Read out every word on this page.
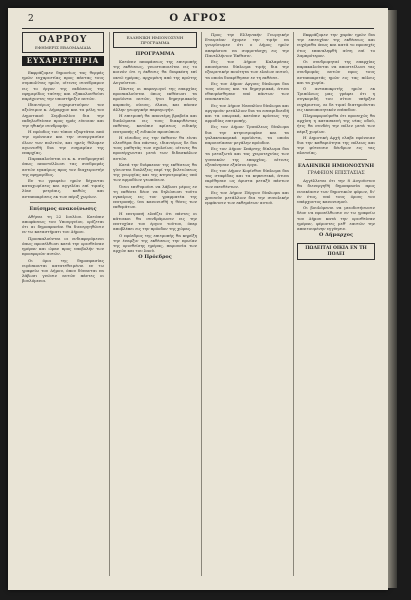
2	Ο ΑΓΡΟΣ
ΟΑΡΡΟΥ
ΕΦΗΜΕΡΙΣ ΕΒΔΟΜΑΔΙΑΙΑ
ΕΥΧΑΡΙΣΤΗΡΙΑ

Εκφράζομεν δημοσίως τας θερμάς ημών ευχαριστίας προς πάντας τους συμπολίτας ημών, οίτινες συνέδραμον εις το έργον της εκδόσεως της εφημερίδος ταύτης και εξακολουθούσι παρέχοντες την υποστήριξιν αυτών.

Ιδιαιτέρως ευχαριστούμεν τον αξιότιμον κ. Δήμαρχον και τα μέλη του Δημοτικού Συμβουλίου δια την εκδηλωθείσαν προς ημάς εύνοιαν και την ηθικήν συνδρομήν.

Η πρόοδος του τόπου εξαρτάται από την ομόνοιαν και την συνεργασίαν όλων των πολιτών, και ημείς θέλομεν αγωνισθή δια την ευημερίαν της επαρχίας.

Παρακαλούνται οι κ. κ. συνδρομηταί όπως αποστέλλωσι τας συνδρομάς αυτών εγκαίρως προς τον διαχειριστήν της εφημερίδος.

Εν τω γραφείω ημών δέχονται καταχωρίσεις και αγγελίαι επί τιμαίς λίαν μετρίαις, καθώς και ανταποκρίσεις εκ των πέριξ χωρίων.

Επίσημος ανακοίνωσις

Αθήναι τη 22 Ιουλίου. Κατόπιν αποφάσεως του Υπουργείου, ορίζεται ότι αι δημοπρασίαι θα διενεργηθώσιν εν τω καταστήματι του Δήμου.

Προσκαλούνται οι ενδιαφερόμενοι όπως προσέλθωσι κατά την ορισθείσαν ημέραν και ώραν προς υποβολήν των προσφορών αυτών.

Οι όροι της δημοπρασίας ευρίσκονται κατατεθειμένοι εν τω γραφείω του Δήμου, όπου δύνανται να λάβωσι γνώσιν αυτών πάντες οι βουλόμενοι.

ΕΛΛΗΝΙΚΗ ΗΜΙΟΝΟΣΥΝΗ ΠΡΟΓΡΑΜΜΑ
ΠΡΟΓΡΑΜΜΑ

Κατόπιν αποφάσεως της επιτροπής της εκθέσεως, γνωστοποιείται εις το κοινόν ότι η έκθεσις θα διαρκέση επί οκτώ ημέρας, αρχομένη από της πρώτης Αυγούστου.

Πάντες οι παραγωγοί της επαρχίας προσκαλούνται όπως εκθέσωσι τα προϊόντα αυτών, ήτοι δημητριακούς καρπούς, οίνους, έλαια, και πάσαν άλλην γεωργικήν παραγωγήν.

Η επιτροπή θα απονείμη βραβεία και διπλώματα εις τους διακριθέντας εκθέτας, κατόπιν κρίσεως ειδικής επιτροπής εξ ειδικών προσώπων.

Η είσοδος εις την έκθεσιν θα είναι ελευθέρα δια πάντας, ιδιαιτέρως δε δια τους μαθητάς των σχολείων, οίτινες θα προσέρχωνται μετά των διδασκάλων αυτών.

Κατά την διάρκειαν της εκθέσεως θα γίνωνται διαλέξεις περί της βελτιώσεως της γεωργίας και της κτηνοτροφίας υπό των αρμοδίων γεωπόνων.

Όσοι επιθυμούσι να λάβωσι μέρος εν τη εκθέσει δέον να δηλώσωσι τούτο εγκαίρως εις τον γραμματέα της επιτροπής, ίνα κανονισθή η θέσις των εκθεμάτων.

Η επιτροπή ελπίζει ότι πάντες οι κάτοικοι θα συνδράμωσιν εις την επιτυχίαν του έργου τούτου, όπερ αποβλέπει εις την πρόοδον της χώρας.

Ο πρόεδρος της επιτροπής θα κηρύξη την έναρξιν της εκθέσεως την πρωίαν της ορισθείσης ημέρας, παρουσία των αρχών και του λαού.

Ο Πρόεδρος

Προς την Ελληνικήν Γεωργικήν Εταιρείαν έχομεν την τιμήν να γνωρίσωμεν ότι ο Δήμος ημών απεφάσισε να συμμετάσχη εις την Πανελλήνιον Έκθεσιν.

Εις τον Δήμον Καλαμάτας απονέμεται δίπλωμα τιμής δια την εξαιρετικήν ποιότητα των ελαίων αυτού, τα οποία διεκρίθησαν εν τη εκθέσει.

Εις τον Δήμον Αργους δίπλωμα δια τους οίνους και τα δημητριακά, άτινα εθαυμάσθησαν υπό πάντων των επισκεπτών.

Εις τον Δήμον Ναυπλίου δίπλωμα και αργυρούν μετάλλιον δια τα εσπεριδοειδή και τα οπωρικά, κατόπιν κρίσεως της αρμοδίας επιτροπής.

Εις τον Δήμον Τριπόλεως δίπλωμα δια την κτηνοτροφίαν και τα γαλακτοκομικά προϊόντα, τα οποία παρουσίασαν μεγάλην πρόοδον.

Εις τον Δήμον Σπάρτης δίπλωμα δια τα μεταξωτά και τας χειροτεχνίας των γυναικών της επαρχίας, αίτινες εξεπόνησαν εξαίσια έργα.

Εις τον Δήμον Κορίνθου δίπλωμα δια τας σταφίδας και τα κηπευτικά, άτινα εκρίθησαν ως άριστα μεταξύ πάντων των εκτεθέντων.

Εις τον Δήμον Πύργου δίπλωμα και χρυσούν μετάλλιον δια την συνολικήν εμφάνισιν των εκθεμάτων αυτού.

Εκφράζομεν την χαράν ημών δια την επιτυχίαν της εκθέσεως και ευχόμεθα όπως και κατά το προσεχές έτος επαναληφθή αύτη επί το λαμπρότερον.

Οι συνδρομηταί της επαρχίας παρακαλούνται να αποστείλωσι τας συνδρομάς αυτών προς τους ανταποκριτάς ημών εις τας πόλεις και τα χωρία.

Ο ανταποκριτής ημών εκ Τριπόλεως μας γράφει ότι η συγκομιδή του σίτου υπήρξεν ευχάριστος, αι δε τιμαί διατηρούνται εις ικανοποιητικόν επίπεδον.

Πληροφορούμεθα ότι προσεχώς θα αρχίση η κατασκευή της νέας οδού, ήτις θα συνδέη την πόλιν μετά των πέριξ χωρίων.

Η Δημοτική Αρχή ελαβε πρόνοιαν δια την καθαριότητα της πόλεως και την φύτευσιν δένδρων εις τας πλατείας.

ΕΛΛΗΝΙΚΗ ΗΜΙΟΝΟΣΥΝΗ
ΓΡΑΦΕΙΟΝ ΕΠΙΣΤΑΣΙΑΣ

Αγγέλλεται ότι την 8 Αυγούστου θα διενεργηθή δημοπρασία προς ενοικίασιν των δημοτικών φόρων, δι' έν έτος, υπό τους όρους του υπάρχοντος κανονισμού.

Οι βουλόμενοι να μειοδοτήσωσιν δέον να προσέλθωσιν εν τω γραφείω του Δήμου κατά την ορισθείσαν ημέραν, φέροντες μεθ' εαυτών την απαιτουμένην εγγύησιν.

Ο Δήμαρχος
ΠΩΛΕΙΤΑΙ ΟΙΚΙΑ ΕΝ ΤΗ ΠΟΛΕΙ
